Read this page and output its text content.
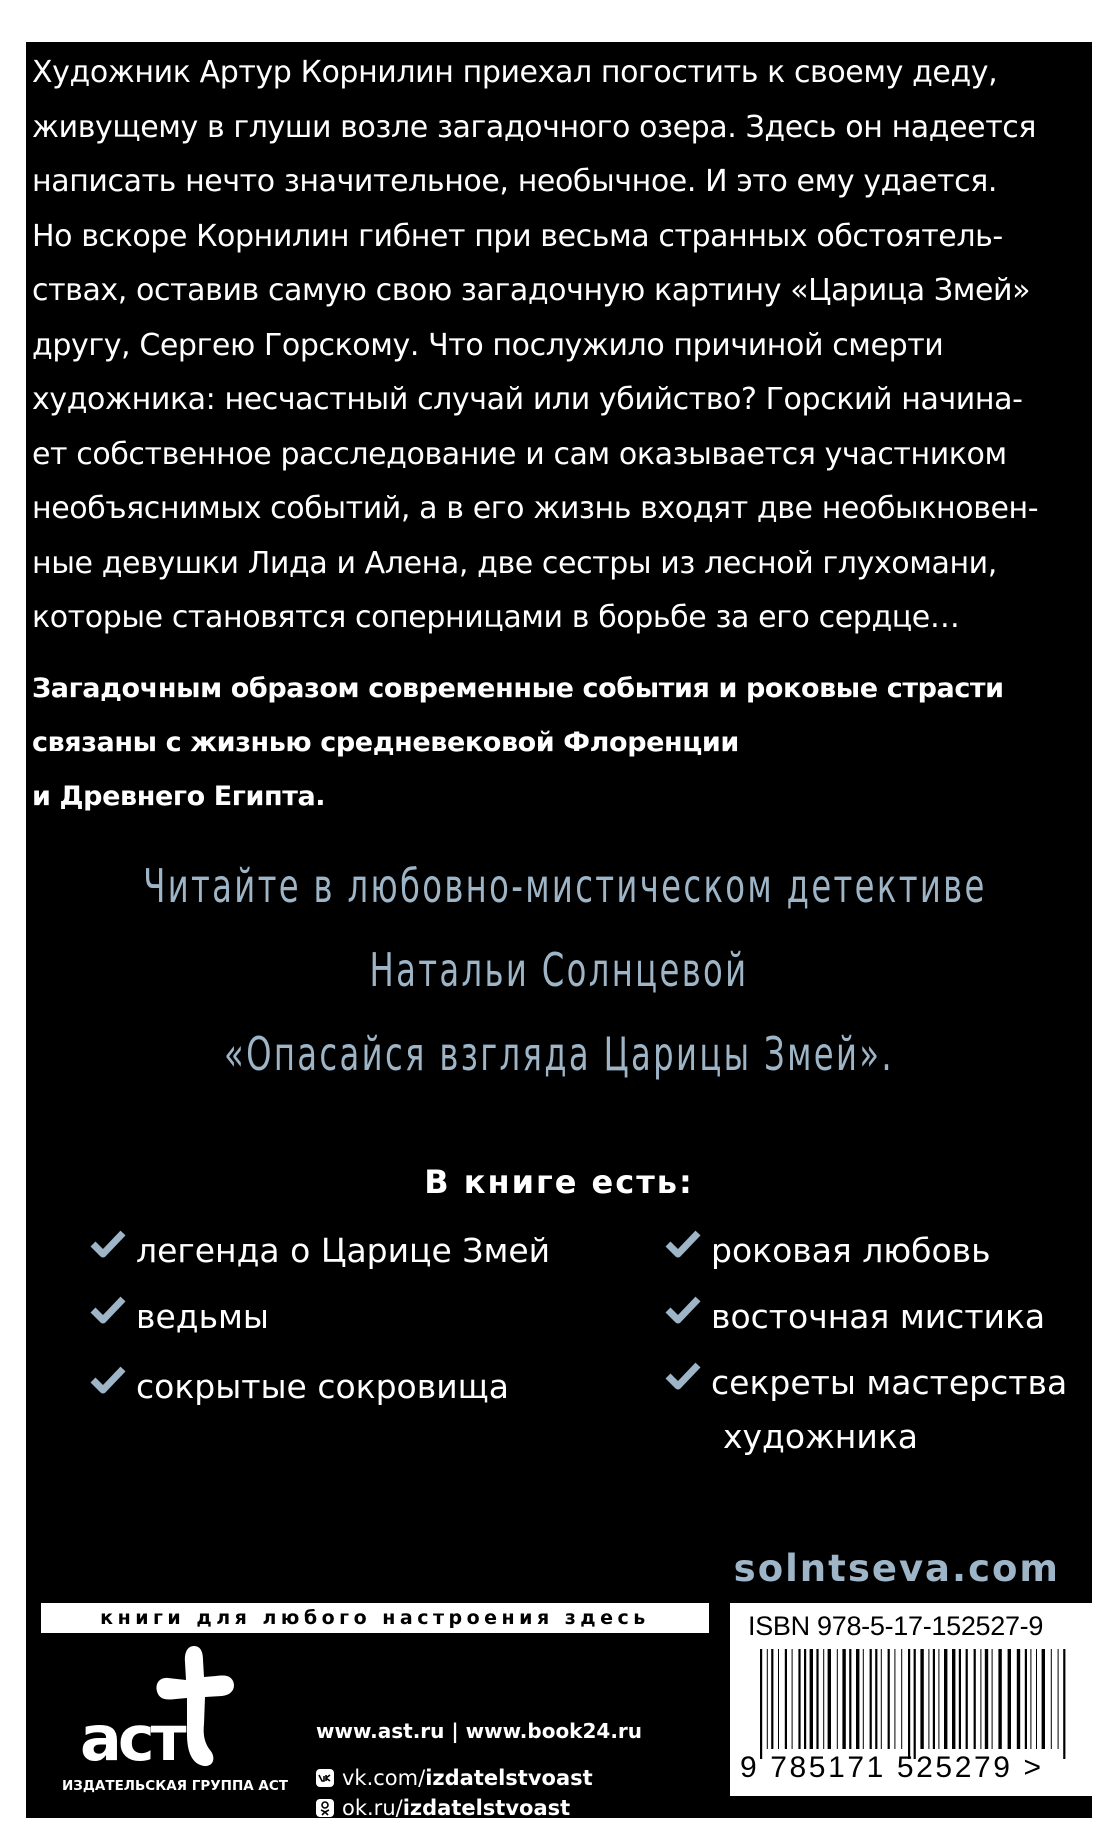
Художник Артур Корнилин приехал погостить к своему деду,
живущему в глуши возле загадочного озера. Здесь он надеется
написать нечто значительное, необычное. И это ему удается.
Но вскоре Корнилин гибнет при весьма странных обстоятель-
ствах, оставив самую свою загадочную картину «Царица Змей»
другу, Сергею Горскому. Что послужило причиной смерти
художника: несчастный случай или убийство? Горский начина-
ет собственное расследование и сам оказывается участником
необъяснимых событий, а в его жизнь входят две необыкновен-
ные девушки Лида и Алена, две сестры из лесной глухомани,
которые становятся соперницами в борьбе за его сердце…
Загадочным образом современные события и роковые страсти
связаны с жизнью средневековой Флоренции
и Древнего Египта.
Читайте в любовно-мистическом детективе
Натальи Солнцевой
«Опасайся взгляда Царицы Змей».
В книге есть:

легенда о Царице Змей

ведьмы

сокрытые сокровища

роковая любовь

восточная мистика

секреты мастерства

художника

solntseva.com
книги для любого настроения здесь
аст
ИЗДАТЕЛЬСКАЯ ГРУППА АСТ
www.ast.ru | www.book24.ru

vk.com/izdatelstvoast

ok.ru/izdatelstvoast

ISBN 978-5-17-152527-9
9 785171 525279 >
